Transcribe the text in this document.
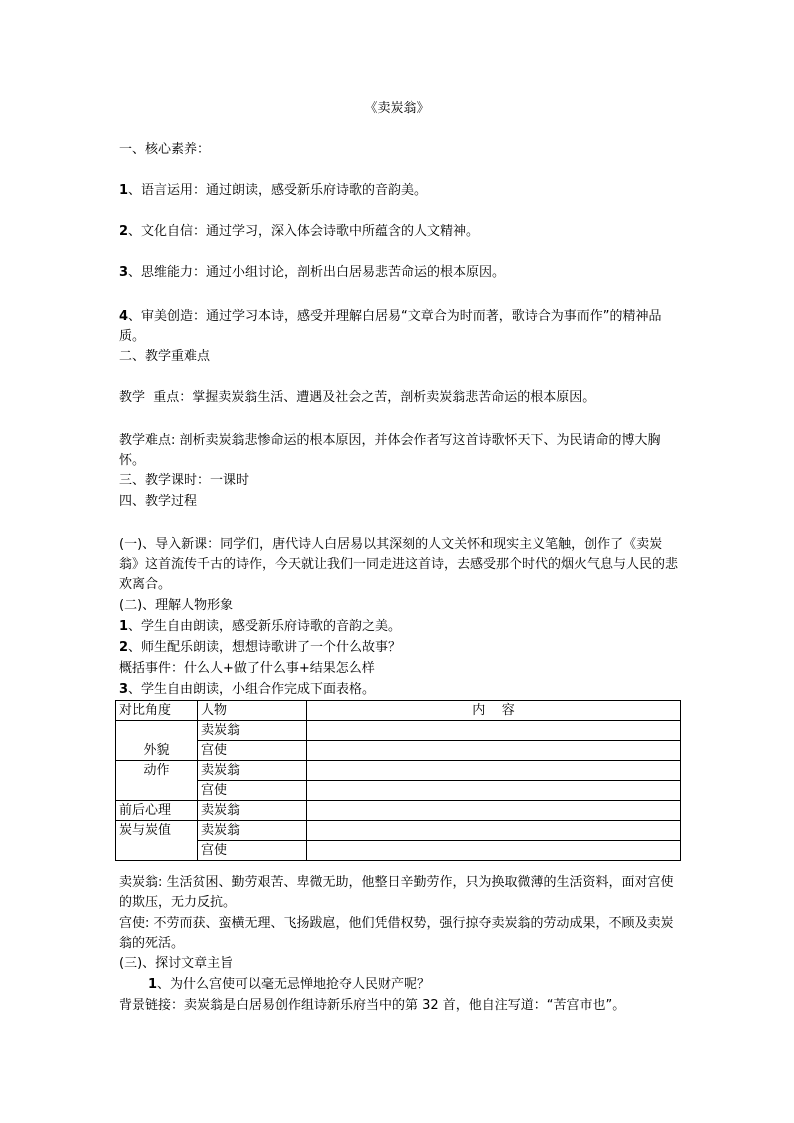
《卖炭翁》
一、核心素养：
1、语言运用：通过朗读，感受新乐府诗歌的音韵美。
2、文化自信：通过学习，深入体会诗歌中所蕴含的人文精神。
3、思维能力：通过小组讨论，剖析出白居易悲苦命运的根本原因。
4、审美创造：通过学习本诗，感受并理解白居易“文章合为时而著，歌诗合为事而作”的精神品质。
二、教学重难点
教学  重点：掌握卖炭翁生活、遭遇及社会之苦，剖析卖炭翁悲苦命运的根本原因。
教学难点: 剖析卖炭翁悲惨命运的根本原因，并体会作者写这首诗歌怀天下、为民请命的博大胸怀。
三、教学课时：一课时
四、教学过程
(一)、导入新课：同学们，唐代诗人白居易以其深刻的人文关怀和现实主义笔触，创作了《卖炭翁》这首流传千古的诗作，今天就让我们一同走进这首诗，去感受那个时代的烟火气息与人民的悲欢离合。
(二)、理解人物形象
1、学生自由朗读，感受新乐府诗歌的音韵之美。
2、师生配乐朗读，想想诗歌讲了一个什么故事？
概括事件：什么人+做了什么事+结果怎么样
3、学生自由朗读，小组合作完成下面表格。
对比角度	人物	内    容
外貌	卖炭翁	
	宫使	
动作	卖炭翁	
	宫使	
前后心理	卖炭翁	
炭与炭值	卖炭翁	
	宫使	
卖炭翁: 生活贫困、勤劳艰苦、卑微无助，他整日辛勤劳作，只为换取微薄的生活资料，面对宫使的欺压，无力反抗。
宫使: 不劳而获、蛮横无理、飞扬跋扈，他们凭借权势，强行掠夺卖炭翁的劳动成果，不顾及卖炭翁的死活。
(三)、探讨文章主旨
1、为什么宫使可以毫无忌惮地抢夺人民财产呢？
背景链接：卖炭翁是白居易创作组诗新乐府当中的第 32 首，他自注写道：“苦宫市也”。
